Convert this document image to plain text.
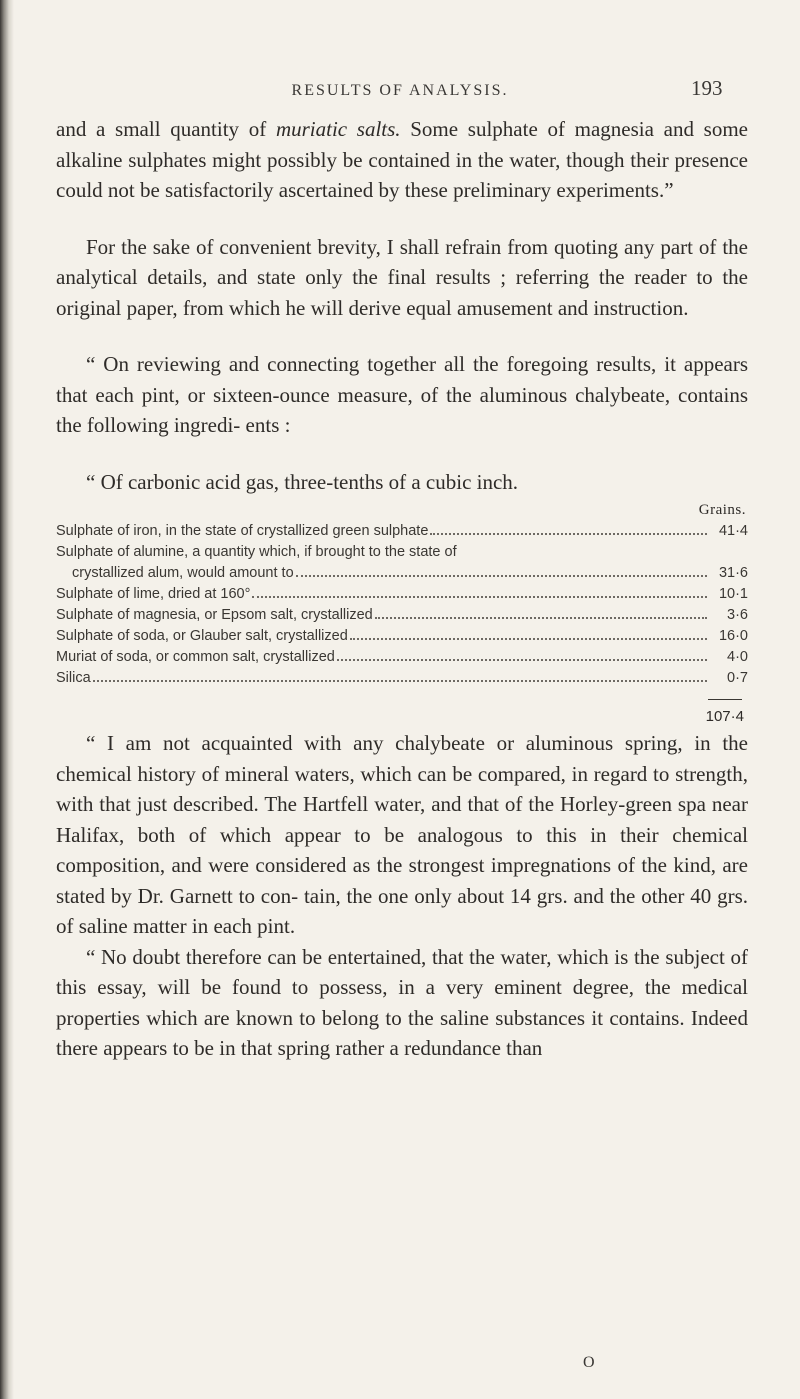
RESULTS OF ANALYSIS.	193

and a small quantity of muriatic salts. Some sulphate of magnesia and some alkaline sulphates might possibly be contained in the water, though their presence could not be satisfactorily ascertained by these preliminary experiments.”

For the sake of convenient brevity, I shall refrain from quoting any part of the analytical details, and state only the final results ; referring the reader to the original paper, from which he will derive equal amusement and instruction.

“ On reviewing and connecting together all the foregoing results, it appears that each pint, or sixteen-ounce measure, of the aluminous chalybeate, contains the following ingredi- ents :

“ Of carbonic acid gas, three-tenths of a cubic inch.

Grains.

Sulphate of iron, in the state of crystallized green sulphate	41·4

Sulphate of alumine, a quantity which, if brought to the state of	

crystallized alum, would amount to	31·6

Sulphate of lime, dried at 160°	10·1

Sulphate of magnesia, or Epsom salt, crystallized	3·6

Sulphate of soda, or Glauber salt, crystallized	16·0

Muriat of soda, or common salt, crystallized	4·0

Silica	0·7

107·4

“ I am not acquainted with any chalybeate or aluminous spring, in the chemical history of mineral waters, which can be compared, in regard to strength, with that just described. The Hartfell water, and that of the Horley-green spa near Halifax, both of which appear to be analogous to this in their chemical composition, and were considered as the strongest impregnations of the kind, are stated by Dr. Garnett to con- tain, the one only about 14 grs. and the other 40 grs. of saline matter in each pint.

“ No doubt therefore can be entertained, that the water, which is the subject of this essay, will be found to possess, in a very eminent degree, the medical properties which are known to belong to the saline substances it contains. Indeed there appears to be in that spring rather a redundance than

O
